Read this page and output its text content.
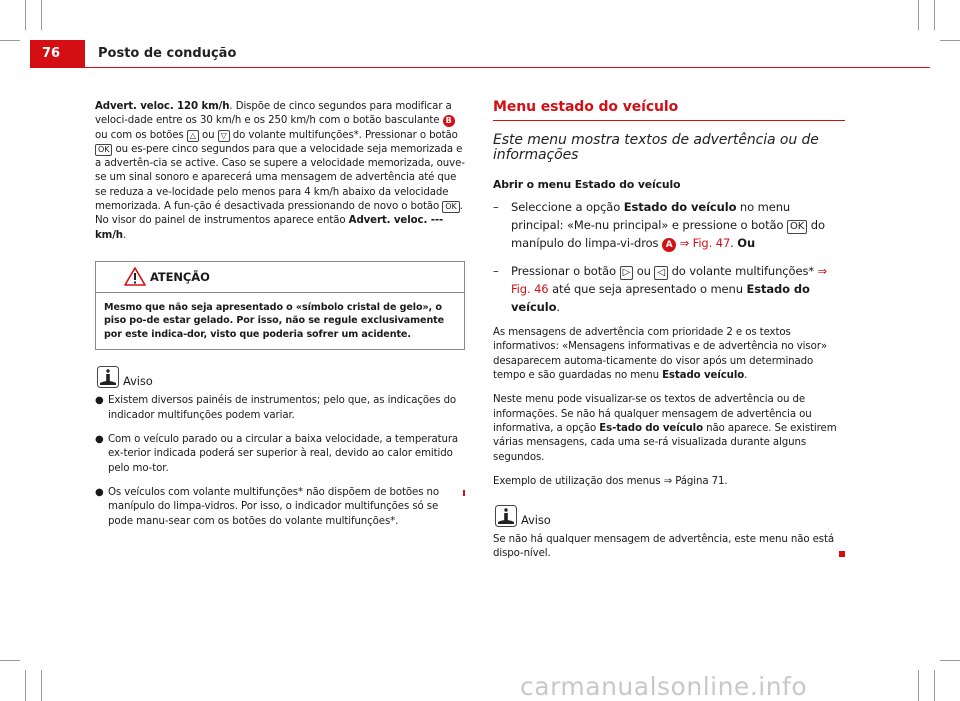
76	Posto de condução

Advert. veloc. 120 km/h. Dispõe de cinco segundos para modificar a veloci-dade entre os 30 km/h e os 250 km/h com o botão basculante B ou com os botões △ ou ▽ do volante multifunções*. Pressionar o botão OK ou es-pere cinco segundos para que a velocidade seja memorizada e a advertên-cia se active. Caso se supere a velocidade memorizada, ouve-se um sinal sonoro e aparecerá uma mensagem de advertência até que se reduza a ve-locidade pelo menos para 4 km/h abaixo da velocidade memorizada. A fun-ção é desactivada pressionando de novo o botão OK . No visor do painel de instrumentos aparece então Advert. veloc. --- km/h.

ATENÇÃO
Mesmo que não seja apresentado o «símbolo cristal de gelo», o piso po-de estar gelado. Por isso, não se regule exclusivamente por este indica-dor, visto que poderia sofrer um acidente.
Aviso
● Existem diversos painéis de instrumentos; pelo que, as indicações do indicador multifunções podem variar.
● Com o veículo parado ou a circular a baixa velocidade, a temperatura ex-terior indicada poderá ser superior à real, devido ao calor emitido pelo mo-tor.
● Os veículos com volante multifunções* não dispõem de botões no manípulo do limpa-vidros. Por isso, o indicador multifunções só se pode manu-sear com os botões do volante multifunções*.
Menu estado do veículo
Este menu mostra textos de advertência ou de informações
Abrir o menu Estado do veículo
–	Seleccione a opção Estado do veículo no menu principal: «Me-nu principal» e pressione o botão OK do manípulo do limpa-vi-dros A ⇒ Fig. 47. Ou
–	Pressionar o botão ▷ ou ◁ do volante multifunções* ⇒ Fig. 46 até que seja apresentado o menu Estado do veículo.

As mensagens de advertência com prioridade 2 e os textos informativos: «Mensagens informativas e de advertência no visor» desaparecem automa-ticamente do visor após um determinado tempo e são guardadas no menu Estado veículo.

Neste menu pode visualizar-se os textos de advertência ou de informações. Se não há qualquer mensagem de advertência ou informativa, a opção Es-tado do veículo não aparece. Se existirem várias mensagens, cada uma se-rá visualizada durante alguns segundos.

Exemplo de utilização dos menus ⇒ Página 71.

Aviso

Se não há qualquer mensagem de advertência, este menu não está dispo-nível.

carmanualsonline.info
